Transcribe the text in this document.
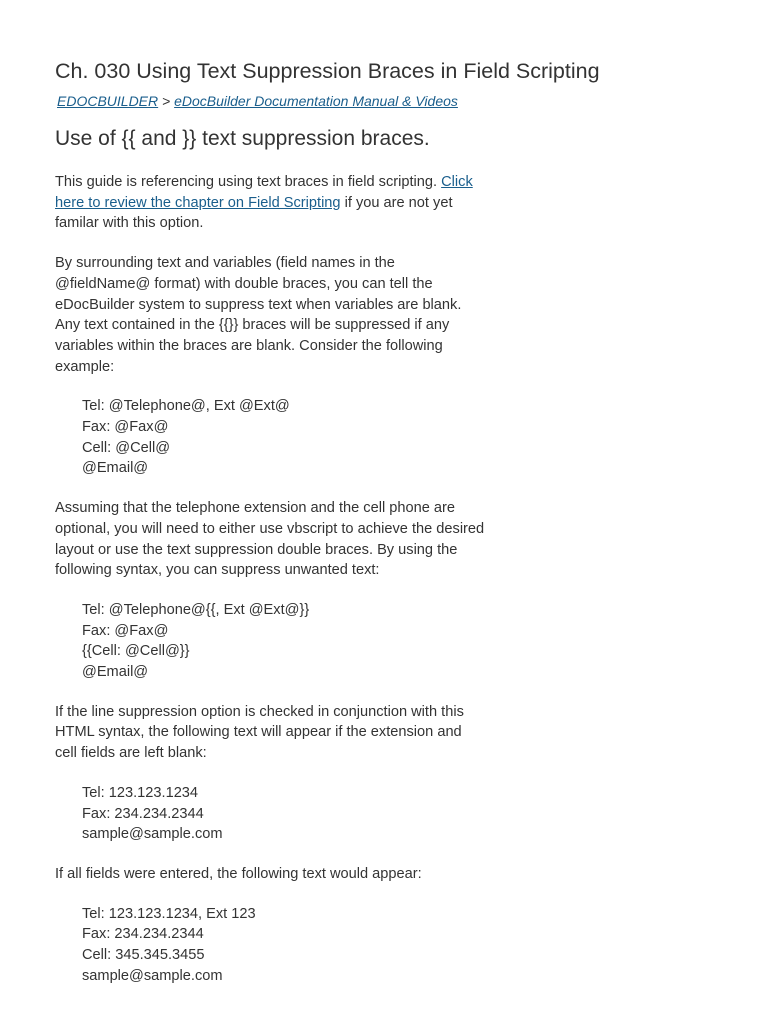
Ch. 030 Using Text Suppression Braces in Field Scripting
EDOCBUILDER > eDocBuilder Documentation Manual & Videos
Use of {{ and }} text suppression braces.

This guide is referencing using text braces in field scripting. Click here to review the chapter on Field Scripting if you are not yet familar with this option.

By surrounding text and variables (field names in the @fieldName@ format) with double braces, you can tell the eDocBuilder system to suppress text when variables are blank. Any text contained in the {{}} braces will be suppressed if any variables within the braces are blank. Consider the following example:

Tel: @Telephone@, Ext @Ext@
Fax: @Fax@
Cell: @Cell@
@Email@

Assuming that the telephone extension and the cell phone are optional, you will need to either use vbscript to achieve the desired layout or use the text suppression double braces. By using the following syntax, you can suppress unwanted text:

Tel: @Telephone@{{, Ext @Ext@}}
Fax: @Fax@
{{Cell: @Cell@}}
@Email@

If the line suppression option is checked in conjunction with this HTML syntax, the following text will appear if the extension and cell fields are left blank:

Tel: 123.123.1234
Fax: 234.234.2344
sample@sample.com

If all fields were entered, the following text would appear:

Tel: 123.123.1234, Ext 123
Fax: 234.234.2344
Cell: 345.345.3455
sample@sample.com
